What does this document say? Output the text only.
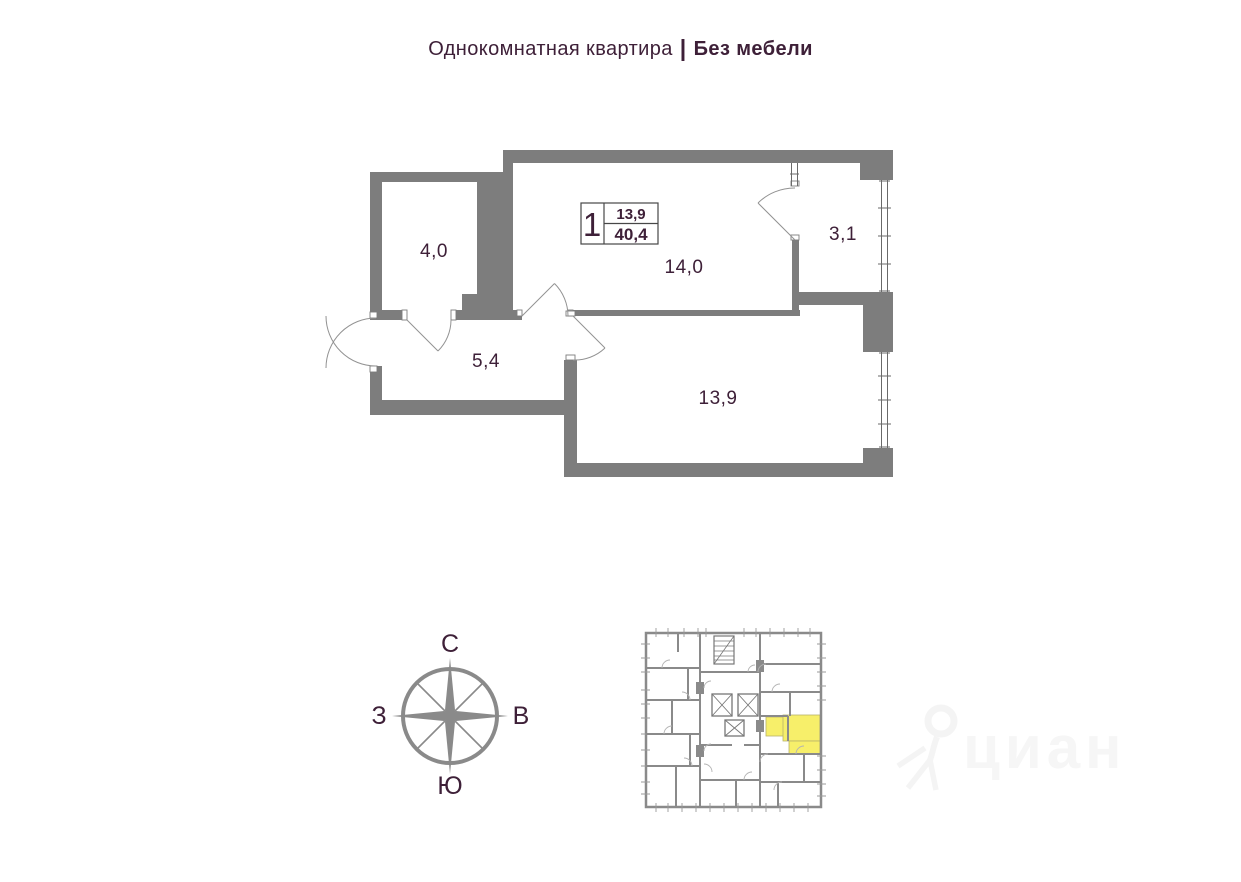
Однокомнатная квартира | Без мебели
1 13,9
40,4
4,0
5,4
14,0
3,1
13,9
С
В
Ю
З	циан
